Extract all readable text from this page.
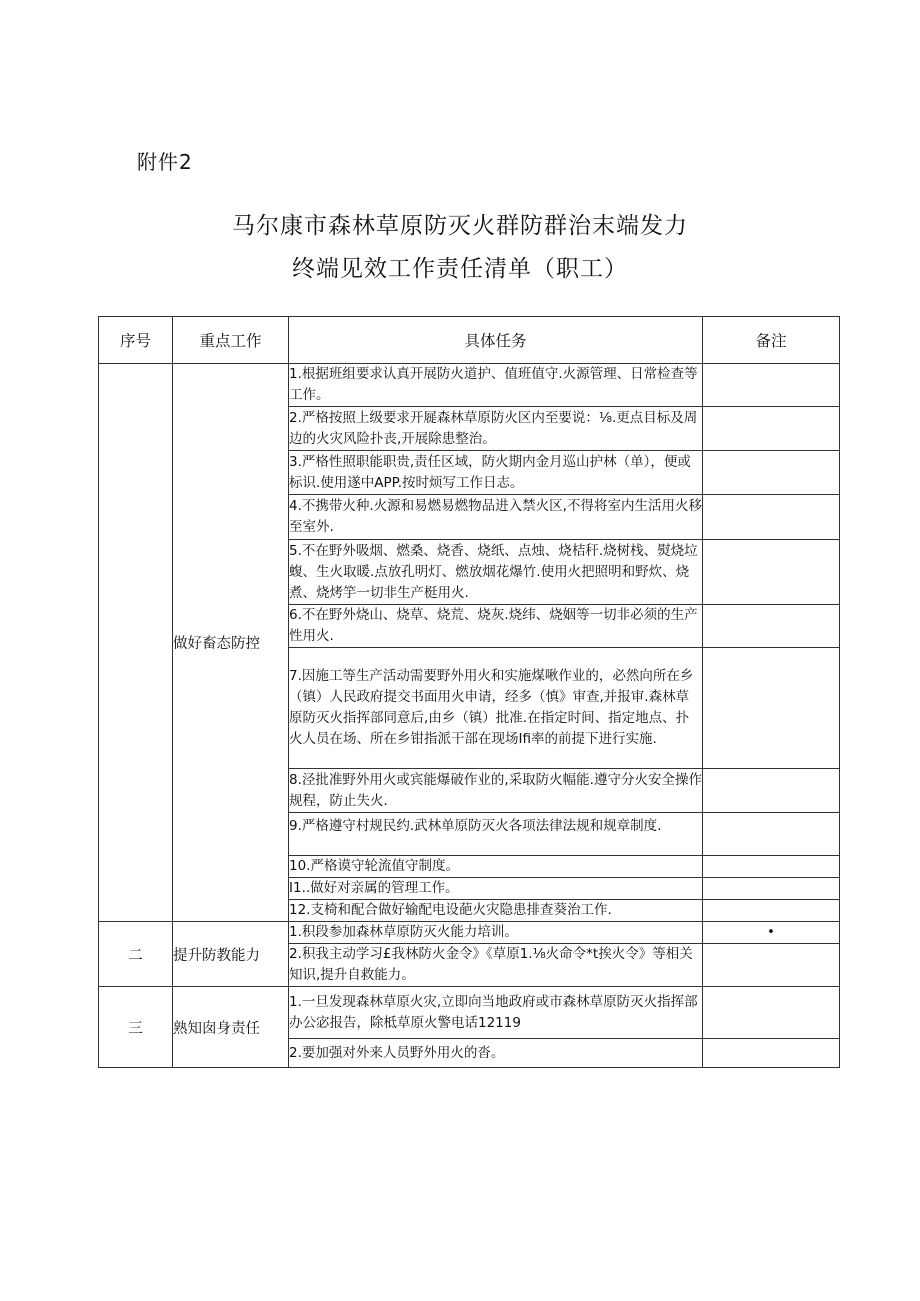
附件2
马尔康市森林草原防灭火群防群治末端发力
终端见效工作责任清单（职工）
序号	重点工作	具体任务	备注
	做好畜态防控	1.根据班组要求认真开展防火道护、值班值守.火源管理、日常检查等工作。	
		2.严格按照上级要求开屣森林草原防火区内至要说：⅛.更点目标及周边的火灾风险扑丧,开展除患整治。	
		3.严格性照职能职贵,责任区域，防火期内金月巡山护林（单），便或标识.使用遂中APP.按时烦写工作日志。	
		4.不携带火种.火源和易燃易燃物品进入禁火区,不得将室内生活用火移至室外.	
		5.不在野外吸烟、燃桑、烧香、烧纸、点烛、烧桔秆.烧树栈、熨烧垃蝮、生火取暖.点放孔明灯、燃放烟花爆竹.使用火把照明和野炊、烧煮、烧烤竽一切非生产梃用火.	
		6.不在野外烧山、烧草、烧荒、烧灰.烧纬、烧姻等一切非必须的生产性用火.	
		7.因施工等生产活动需要野外用火和实施煤啾作业的，必然向所在乡（镇）人民政府提交书面用火申请，经多（慎》审查,并报审.森林草原防灭火指挥部同意后,由乡（镇）批准.在指定时间、指定地点、扑火人员在场、所在乡钳指派干部在现场Ifi率的前提下进行实施.	
		8.泾批准野外用火或宾能爆破作业的,采取防火幅能.遵守分火安全操作规程，防止失火.	
		9.严格遵守村规民约.武林单原防灭火各项法律法规和规章制度.	
		10.严格谟守轮流值守制度。	
		I1..做好对亲属的管理工作。	
		12.支椅和配合做好输配电设葩火灾隐患排查葵治工作.	
二	提升防教能力	1.积段参加森林草原防灭火能力培训。	•
		2.积我主动学习£我林防火金令》《草原1.⅛火命令*t挨火令》等相关知识,提升自救能力。	
三	熟知囱身责任	1.一旦发现森林草原火灾,立即向当地政府或市森林草原防灭火指挥部办公宓报告，除柢草原火警电话12119	
		2.要加强对外来人员野外用火的沓。	
